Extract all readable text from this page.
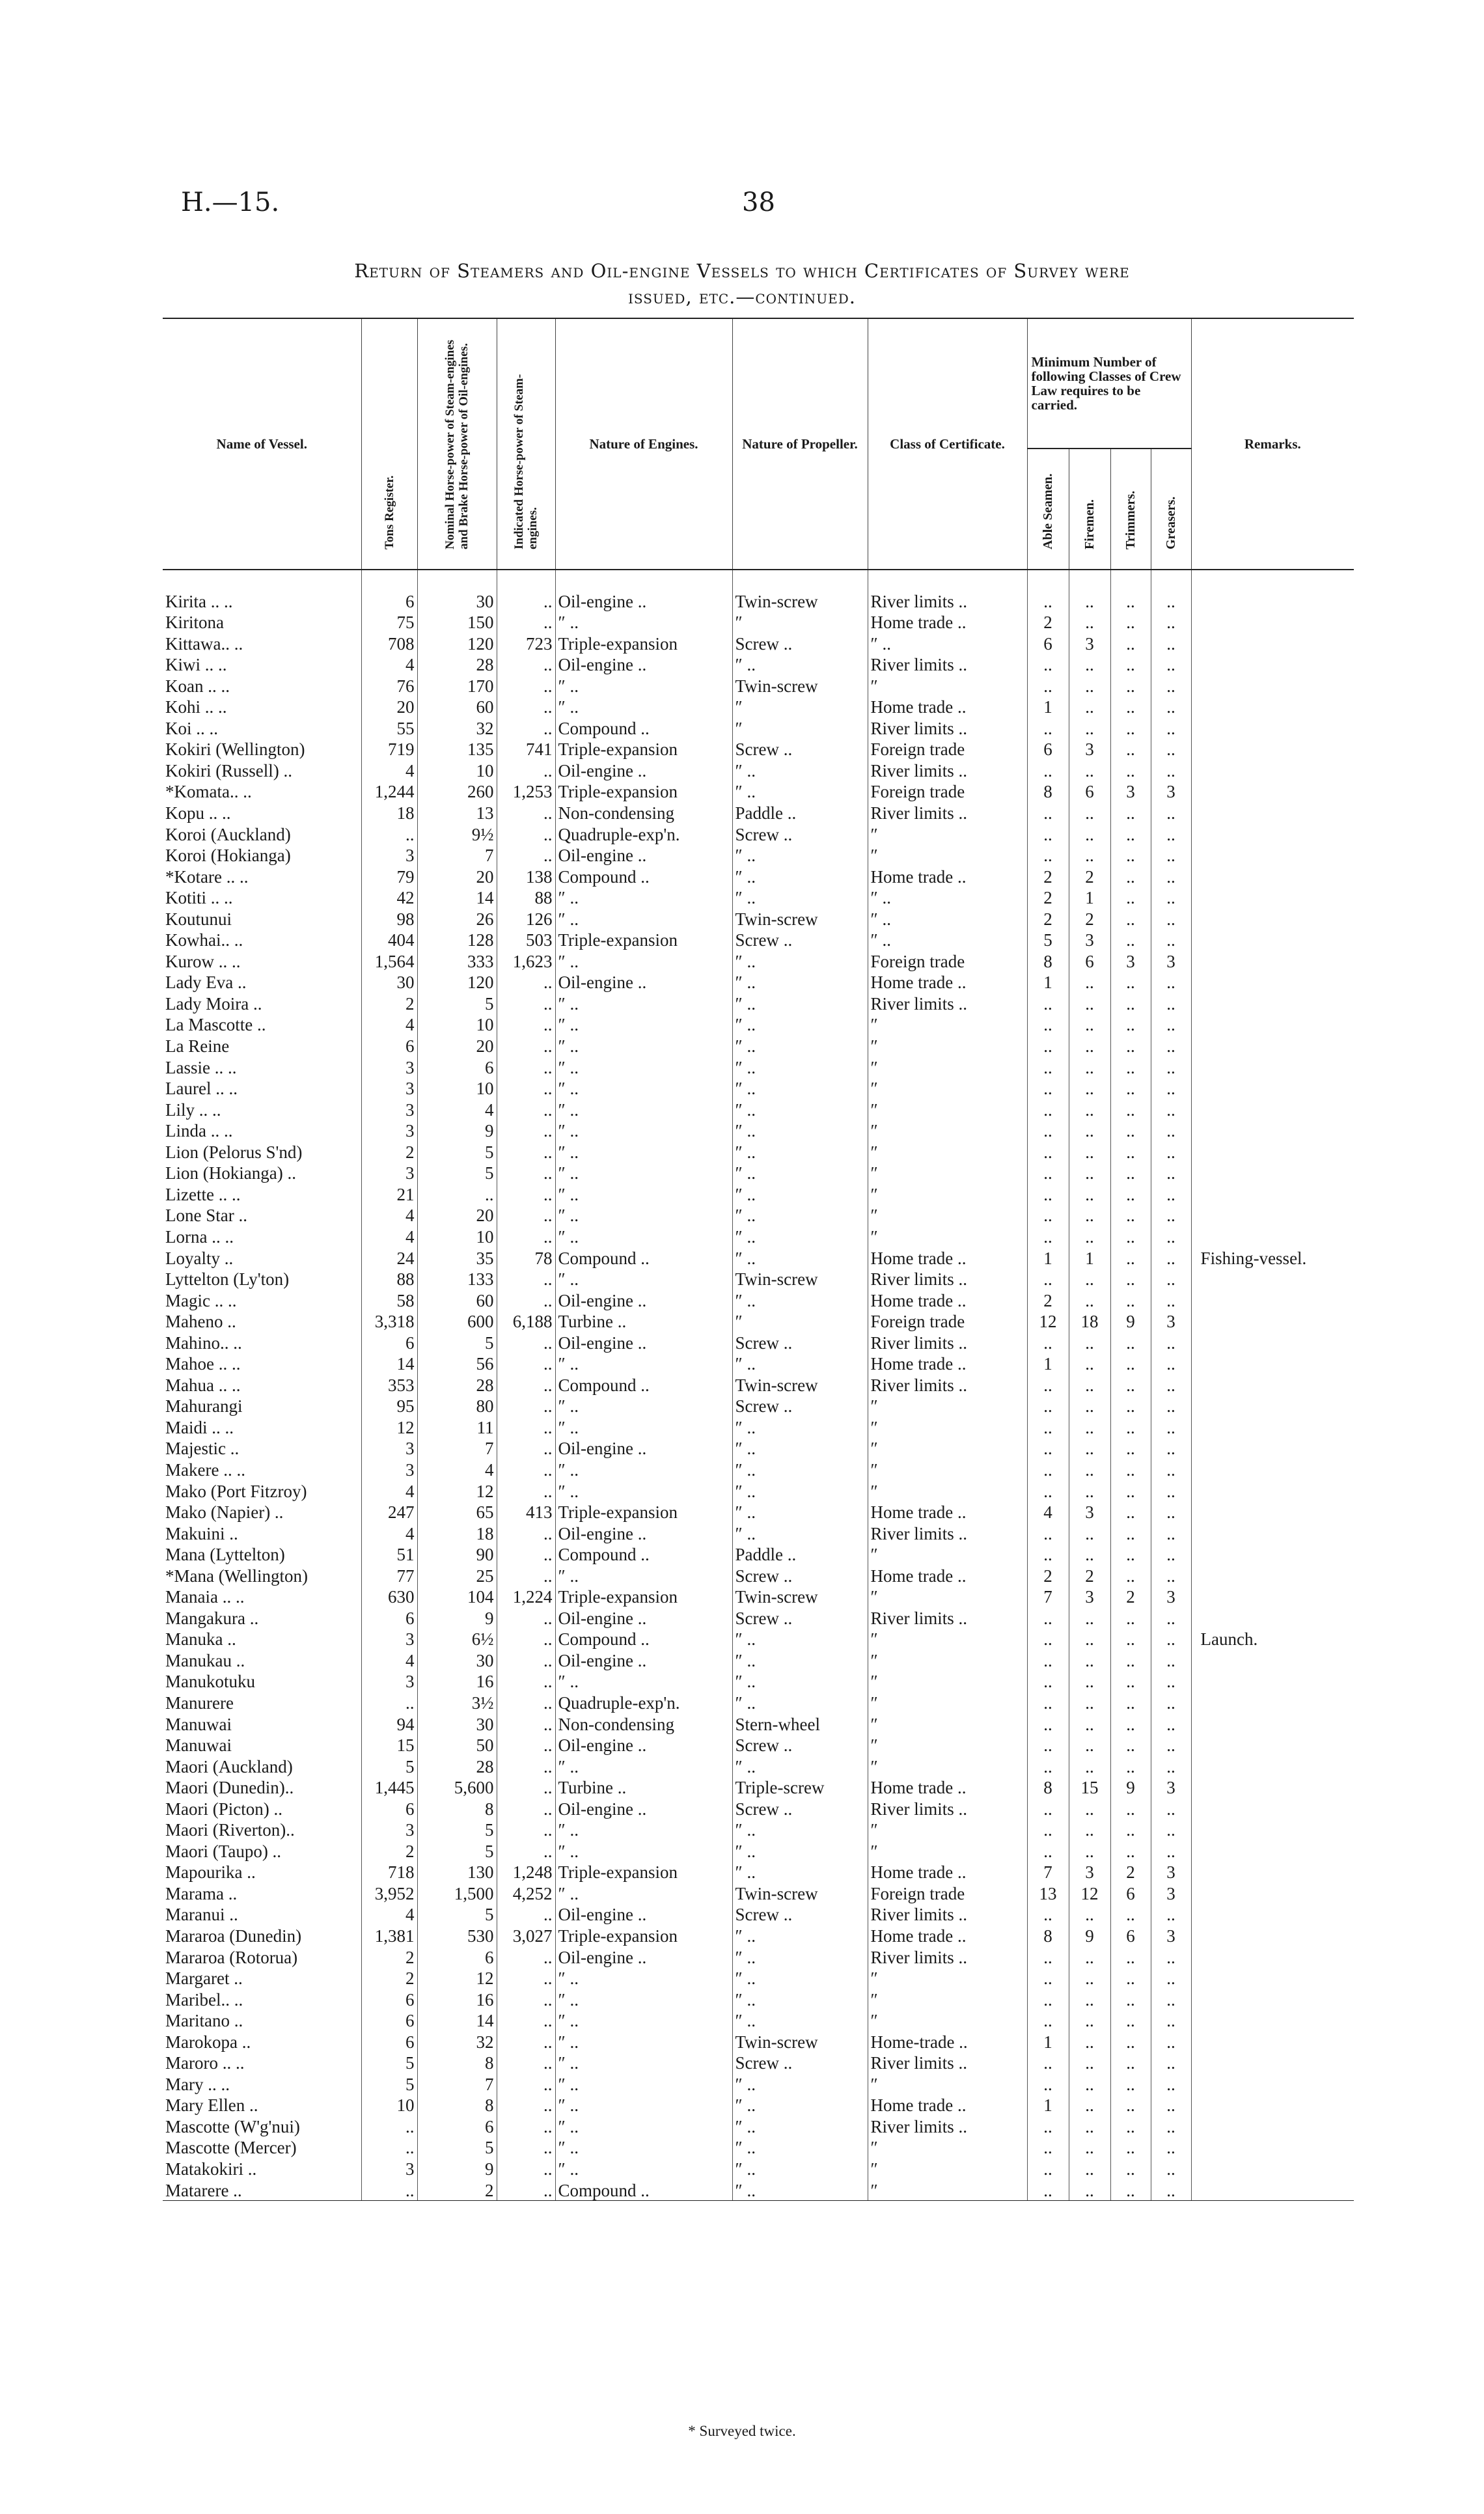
H.—15.	38
Return of Steamers and Oil-engine Vessels to which Certificates of Survey were
issued, etc.—continued.
Name of Vessel.	Tons Register.	Nominal Horse-power of Steam-engines and Brake Horse-power of Oil-engines.	Indicated Horse-power of Steam-engines.	Nature of Engines.	Nature of Propeller.	Class of Certificate.	Minimum Number of following Classes of Crew Law requires to be carried.				Remarks.
							Able Seamen.	Firemen.	Trimmers.	Greasers.	
Kirita .. ..	6	30	..	Oil-engine ..	Twin-screw	River limits ..	..	..	..	..	
Kiritona	75	150	..	″ ..	″	Home trade ..	2	..	..	..	
Kittawa.. ..	708	120	723	Triple-expansion	Screw ..	″ ..	6	3	..	..	
Kiwi .. ..	4	28	..	Oil-engine ..	″ ..	River limits ..	..	..	..	..	
Koan .. ..	76	170	..	″ ..	Twin-screw	″	..	..	..	..	
Kohi .. ..	20	60	..	″ ..	″	Home trade ..	1	..	..	..	
Koi .. ..	55	32	..	Compound ..	″	River limits ..	..	..	..	..	
Kokiri (Wellington)	719	135	741	Triple-expansion	Screw ..	Foreign trade	6	3	..	..	
Kokiri (Russell) ..	4	10	..	Oil-engine ..	″ ..	River limits ..	..	..	..	..	
*Komata.. ..	1,244	260	1,253	Triple-expansion	″ ..	Foreign trade	8	6	3	3	
Kopu .. ..	18	13	..	Non-condensing	Paddle ..	River limits ..	..	..	..	..	
Koroi (Auckland)	..	9½	..	Quadruple-exp'n.	Screw ..	″	..	..	..	..	
Koroi (Hokianga)	3	7	..	Oil-engine ..	″ ..	″	..	..	..	..	
*Kotare .. ..	79	20	138	Compound ..	″ ..	Home trade ..	2	2	..	..	
Kotiti .. ..	42	14	88	″ ..	″ ..	″ ..	2	1	..	..	
Koutunui	98	26	126	″ ..	Twin-screw	″ ..	2	2	..	..	
Kowhai.. ..	404	128	503	Triple-expansion	Screw ..	″ ..	5	3	..	..	
Kurow .. ..	1,564	333	1,623	″ ..	″ ..	Foreign trade	8	6	3	3	
Lady Eva ..	30	120	..	Oil-engine ..	″ ..	Home trade ..	1	..	..	..	
Lady Moira ..	2	5	..	″ ..	″ ..	River limits ..	..	..	..	..	
La Mascotte ..	4	10	..	″ ..	″ ..	″	..	..	..	..	
La Reine	6	20	..	″ ..	″ ..	″	..	..	..	..	
Lassie .. ..	3	6	..	″ ..	″ ..	″	..	..	..	..	
Laurel .. ..	3	10	..	″ ..	″ ..	″	..	..	..	..	
Lily .. ..	3	4	..	″ ..	″ ..	″	..	..	..	..	
Linda .. ..	3	9	..	″ ..	″ ..	″	..	..	..	..	
Lion (Pelorus S'nd)	2	5	..	″ ..	″ ..	″	..	..	..	..	
Lion (Hokianga) ..	3	5	..	″ ..	″ ..	″	..	..	..	..	
Lizette .. ..	21	..	..	″ ..	″ ..	″	..	..	..	..	
Lone Star ..	4	20	..	″ ..	″ ..	″	..	..	..	..	
Lorna .. ..	4	10	..	″ ..	″ ..	″	..	..	..	..	
Loyalty ..	24	35	78	Compound ..	″ ..	Home trade ..	1	1	..	..	Fishing-vessel.
Lyttelton (Ly'ton)	88	133	..	″ ..	Twin-screw	River limits ..	..	..	..	..	
Magic .. ..	58	60	..	Oil-engine ..	″ ..	Home trade ..	2	..	..	..	
Maheno ..	3,318	600	6,188	Turbine ..	″	Foreign trade	12	18	9	3	
Mahino.. ..	6	5	..	Oil-engine ..	Screw ..	River limits ..	..	..	..	..	
Mahoe .. ..	14	56	..	″ ..	″ ..	Home trade ..	1	..	..	..	
Mahua .. ..	353	28	..	Compound ..	Twin-screw	River limits ..	..	..	..	..	
Mahurangi	95	80	..	″ ..	Screw ..	″	..	..	..	..	
Maidi .. ..	12	11	..	″ ..	″ ..	″	..	..	..	..	
Majestic ..	3	7	..	Oil-engine ..	″ ..	″	..	..	..	..	
Makere .. ..	3	4	..	″ ..	″ ..	″	..	..	..	..	
Mako (Port Fitzroy)	4	12	..	″ ..	″ ..	″	..	..	..	..	
Mako (Napier) ..	247	65	413	Triple-expansion	″ ..	Home trade ..	4	3	..	..	
Makuini ..	4	18	..	Oil-engine ..	″ ..	River limits ..	..	..	..	..	
Mana (Lyttelton)	51	90	..	Compound ..	Paddle ..	″	..	..	..	..	
*Mana (Wellington)	77	25	..	″ ..	Screw ..	Home trade ..	2	2	..	..	
Manaia .. ..	630	104	1,224	Triple-expansion	Twin-screw	″	7	3	2	3	
Mangakura ..	6	9	..	Oil-engine ..	Screw ..	River limits ..	..	..	..	..	
Manuka ..	3	6½	..	Compound ..	″ ..	″	..	..	..	..	Launch.
Manukau ..	4	30	..	Oil-engine ..	″ ..	″	..	..	..	..	
Manukotuku	3	16	..	″ ..	″ ..	″	..	..	..	..	
Manurere	..	3½	..	Quadruple-exp'n.	″ ..	″	..	..	..	..	
Manuwai	94	30	..	Non-condensing	Stern-wheel	″	..	..	..	..	
Manuwai	15	50	..	Oil-engine ..	Screw ..	″	..	..	..	..	
Maori (Auckland)	5	28	..	″ ..	″ ..	″	..	..	..	..	
Maori (Dunedin)..	1,445	5,600	..	Turbine ..	Triple-screw	Home trade ..	8	15	9	3	
Maori (Picton) ..	6	8	..	Oil-engine ..	Screw ..	River limits ..	..	..	..	..	
Maori (Riverton)..	3	5	..	″ ..	″ ..	″	..	..	..	..	
Maori (Taupo) ..	2	5	..	″ ..	″ ..	″	..	..	..	..	
Mapourika ..	718	130	1,248	Triple-expansion	″ ..	Home trade ..	7	3	2	3	
Marama ..	3,952	1,500	4,252	″ ..	Twin-screw	Foreign trade	13	12	6	3	
Maranui ..	4	5	..	Oil-engine ..	Screw ..	River limits ..	..	..	..	..	
Mararoa (Dunedin)	1,381	530	3,027	Triple-expansion	″ ..	Home trade ..	8	9	6	3	
Mararoa (Rotorua)	2	6	..	Oil-engine ..	″ ..	River limits ..	..	..	..	..	
Margaret ..	2	12	..	″ ..	″ ..	″	..	..	..	..	
Maribel.. ..	6	16	..	″ ..	″ ..	″	..	..	..	..	
Maritano ..	6	14	..	″ ..	″ ..	″	..	..	..	..	
Marokopa ..	6	32	..	″ ..	Twin-screw	Home-trade ..	1	..	..	..	
Maroro .. ..	5	8	..	″ ..	Screw ..	River limits ..	..	..	..	..	
Mary .. ..	5	7	..	″ ..	″ ..	″	..	..	..	..	
Mary Ellen ..	10	8	..	″ ..	″ ..	Home trade ..	1	..	..	..	
Mascotte (W'g'nui)	..	6	..	″ ..	″ ..	River limits ..	..	..	..	..	
Mascotte (Mercer)	..	5	..	″ ..	″ ..	″	..	..	..	..	
Matakokiri ..	3	9	..	″ ..	″ ..	″	..	..	..	..	
Matarere ..	..	2	..	Compound ..	″ ..	″	..	..	..	..	
* Surveyed twice.
